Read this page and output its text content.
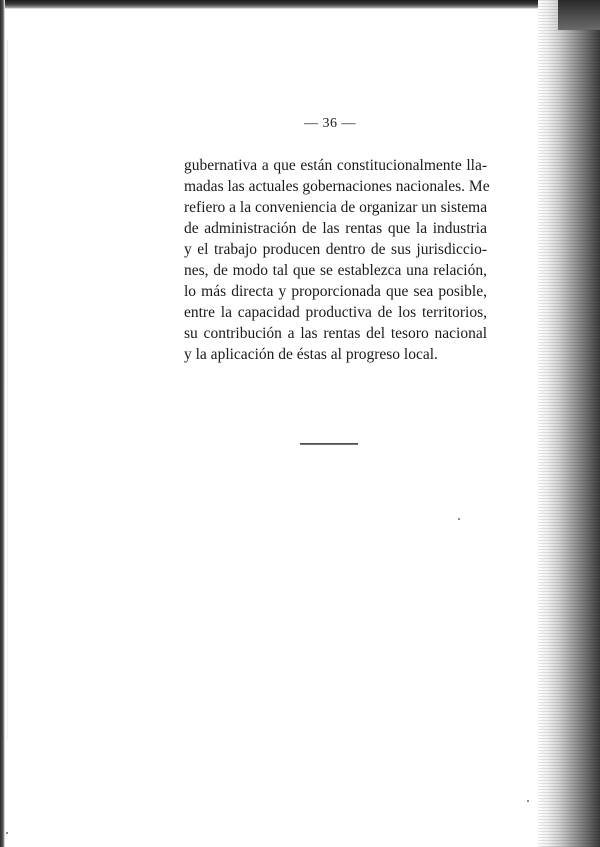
— 36 —
gubernativa a que están constitucionalmente lla-
madas las actuales gobernaciones nacionales. Me
refiero a la conveniencia de organizar un sistema
de administración de las rentas que la industria
y el trabajo producen dentro de sus jurisdiccio-
nes, de modo tal que se establezca una relación,
lo más directa y proporcionada que sea posible,
entre la capacidad productiva de los territorios,
su contribución a las rentas del tesoro nacional
y la aplicación de éstas al progreso local.
